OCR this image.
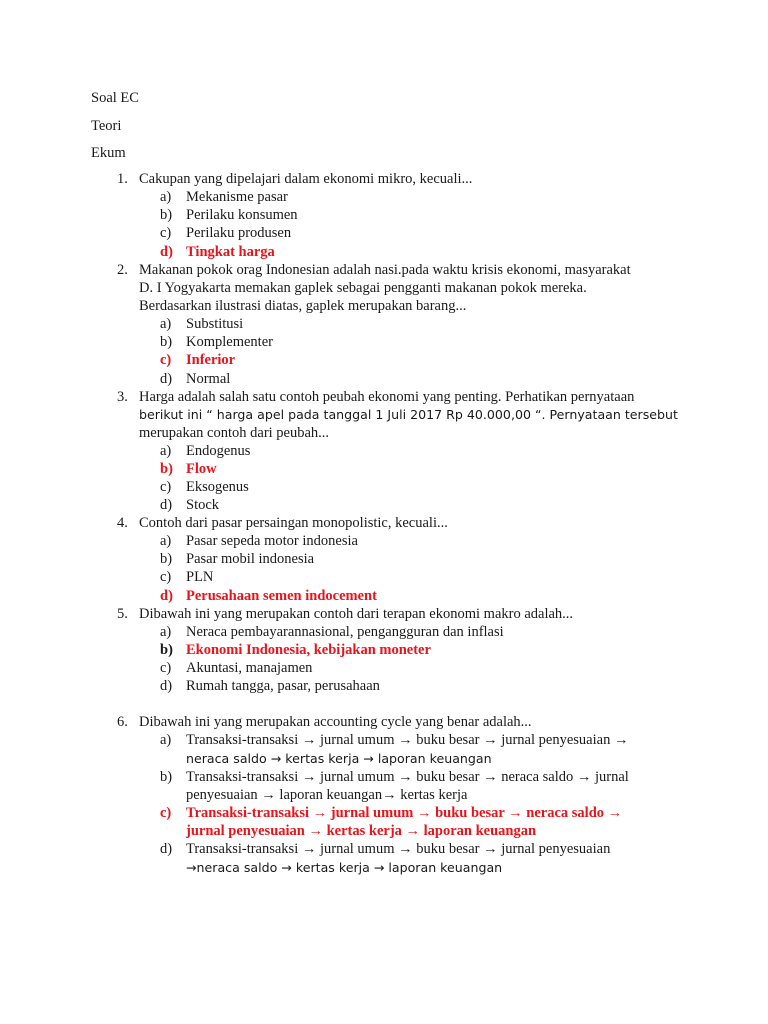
Soal EC
Teori
Ekum
1. Cakupan yang dipelajari dalam ekonomi mikro, kecuali...
a) Mekanisme pasar
b) Perilaku konsumen
c) Perilaku produsen
d) Tingkat harga
2. Makanan pokok orag Indonesian adalah nasi.pada waktu krisis ekonomi, masyarakat
D. I Yogyakarta memakan gaplek sebagai pengganti makanan pokok mereka.
Berdasarkan ilustrasi diatas, gaplek merupakan barang...
a) Substitusi
b) Komplementer
c) Inferior
d) Normal
3. Harga adalah salah satu contoh peubah ekonomi yang penting. Perhatikan pernyataan
berikut ini “ harga apel pada tanggal 1 Juli 2017 Rp 40.000,00 “. Pernyataan tersebut
merupakan contoh dari peubah...
a) Endogenus
b) Flow
c) Eksogenus
d) Stock
4. Contoh dari pasar persaingan monopolistic, kecuali...
a) Pasar sepeda motor indonesia
b) Pasar mobil indonesia
c) PLN
d) Perusahaan semen indocement
5. Dibawah ini yang merupakan contoh dari terapan ekonomi makro adalah...
a) Neraca pembayarannasional, pengangguran dan inflasi
b) Ekonomi Indonesia, kebijakan moneter
c) Akuntasi, manajamen
d) Rumah tangga, pasar, perusahaan
6. Dibawah ini yang merupakan accounting cycle yang benar adalah...
a) Transaksi-transaksi → jurnal umum → buku besar → jurnal penyesuaian →
neraca saldo → kertas kerja → laporan keuangan
b) Transaksi-transaksi → jurnal umum → buku besar → neraca saldo → jurnal
penyesuaian → laporan keuangan→ kertas kerja
c) Transaksi-transaksi → jurnal umum → buku besar → neraca saldo →
jurnal penyesuaian → kertas kerja → laporan keuangan
d) Transaksi-transaksi → jurnal umum → buku besar → jurnal penyesuaian
→neraca saldo → kertas kerja → laporan keuangan
